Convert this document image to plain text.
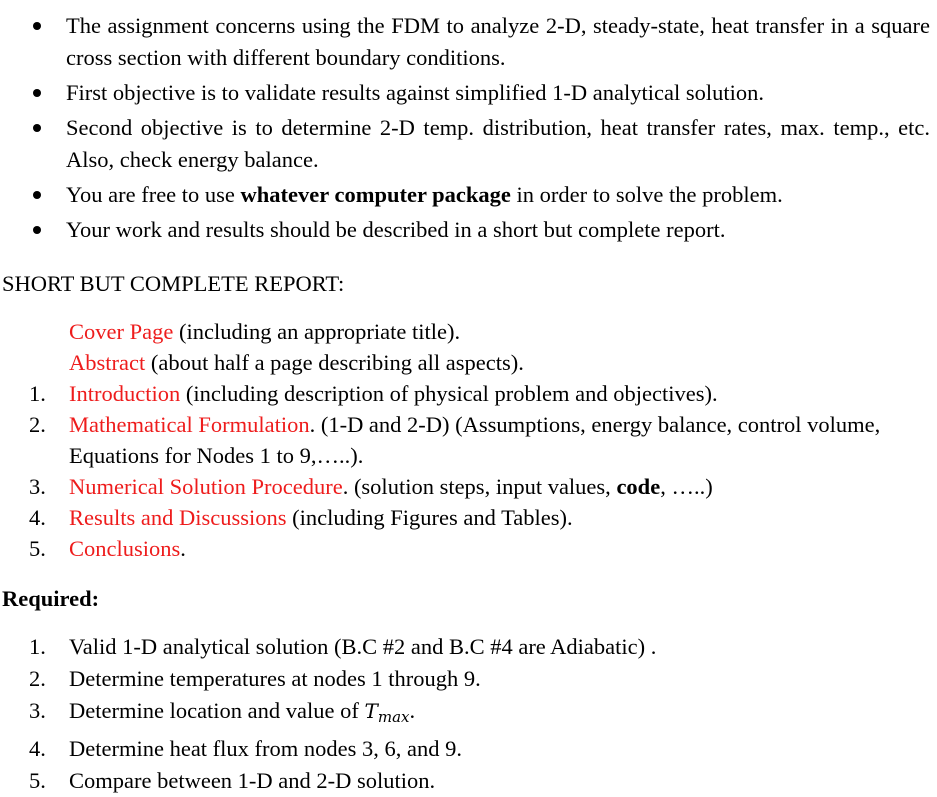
The assignment concerns using the FDM to analyze 2-D, steady-state, heat transfer in a square cross section with different boundary conditions.
First objective is to validate results against simplified 1-D analytical solution.
Second objective is to determine 2-D temp. distribution, heat transfer rates, max. temp., etc. Also, check energy balance.
You are free to use whatever computer package in order to solve the problem.
Your work and results should be described in a short but complete report.
SHORT BUT COMPLETE REPORT:
Cover Page (including an appropriate title).
Abstract (about half a page describing all aspects).
1. Introduction (including description of physical problem and objectives).
2. Mathematical Formulation. (1-D and 2-D) (Assumptions, energy balance, control volume, Equations for Nodes 1 to 9,…..).
3. Numerical Solution Procedure. (solution steps, input values, code, …..)
4. Results and Discussions (including Figures and Tables).
5. Conclusions.
Required:
1. Valid 1-D analytical solution (B.C #2 and B.C #4 are Adiabatic) .
2. Determine temperatures at nodes 1 through 9.
3. Determine location and value of $T_{max}$.
4. Determine heat flux from nodes 3, 6, and 9.
5. Compare between 1-D and 2-D solution.
